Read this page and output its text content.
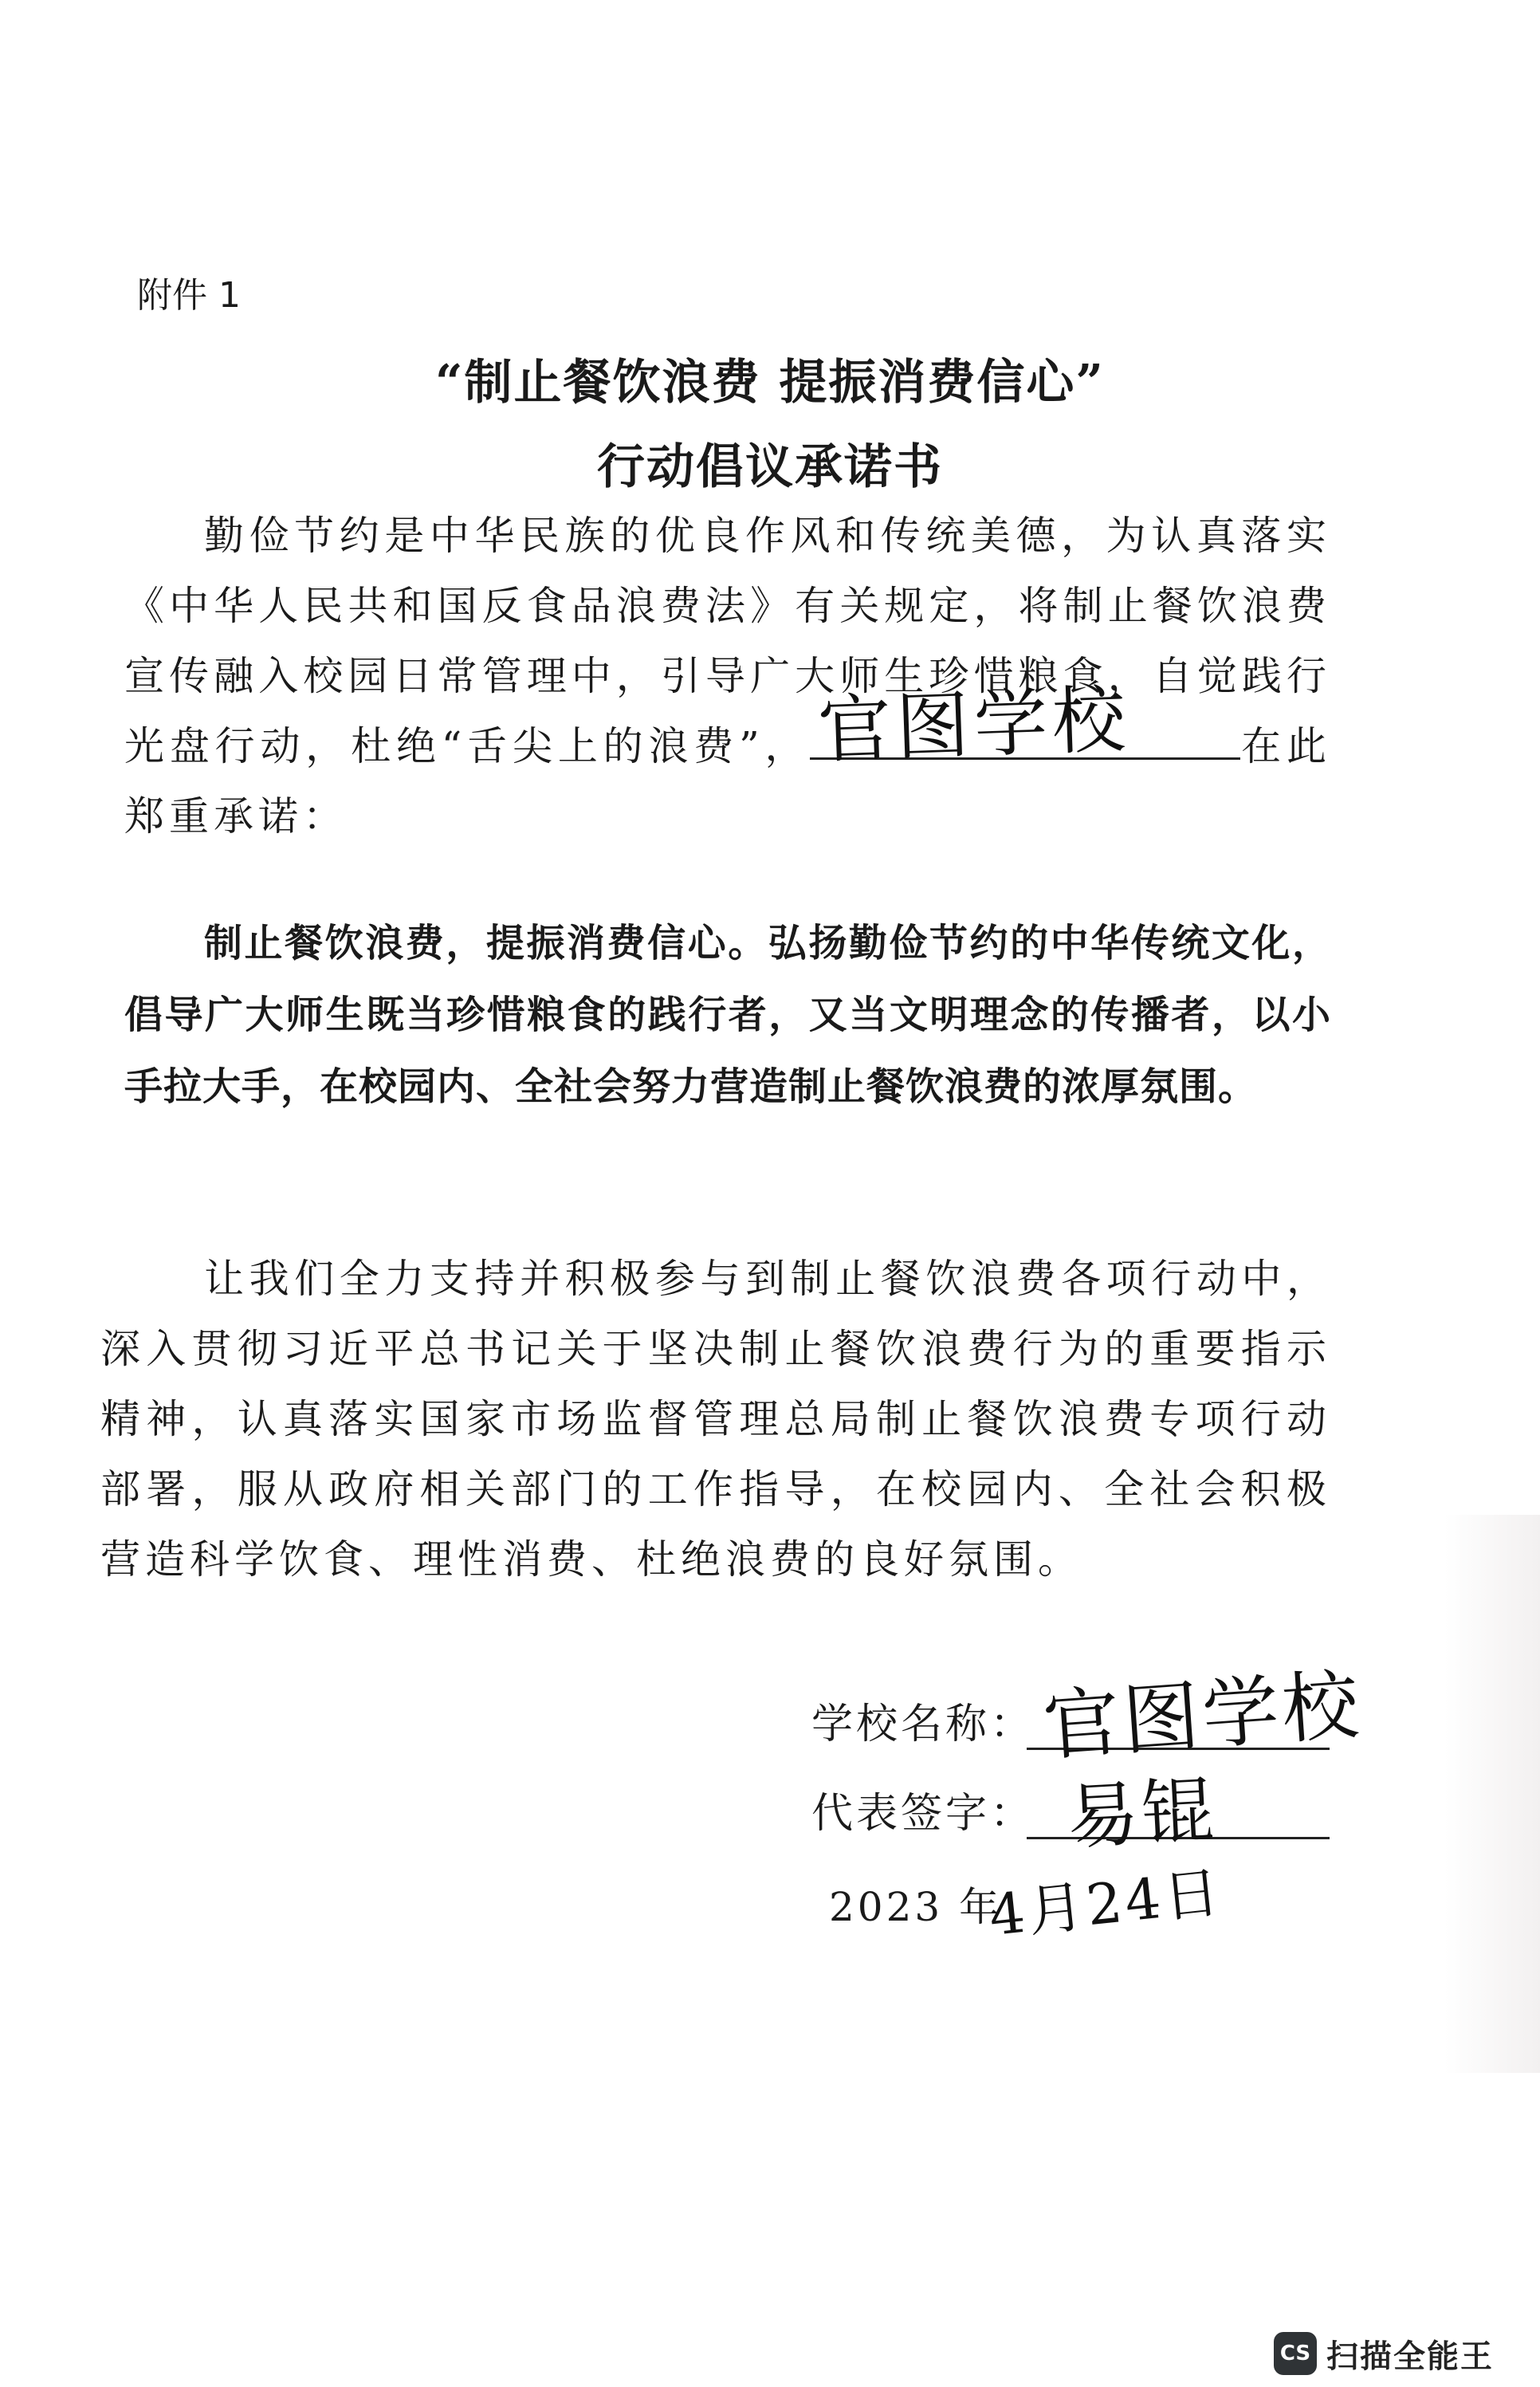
附件 1
“制止餐饮浪费 提振消费信心”
行动倡议承诺书

勤俭节约是中华民族的优良作风和传统美德，为认真落实《中华人民共和国反食品浪费法》有关规定，将制止餐饮浪费宣传融入校园日常管理中，引导广大师生珍惜粮食，自觉践行光盘行动，杜绝“舌尖上的浪费”， 官图学校	在此郑重承诺：

制止餐饮浪费，提振消费信心。弘扬勤俭节约的中华传统文化，倡导广大师生既当珍惜粮食的践行者，又当文明理念的传播者，以小手拉大手，在校园内、全社会努力营造制止餐饮浪费的浓厚氛围。

让我们全力支持并积极参与到制止餐饮浪费各项行动中，深入贯彻习近平总书记关于坚决制止餐饮浪费行为的重要指示精神，认真落实国家市场监督管理总局制止餐饮浪费专项行动部署，服从政府相关部门的工作指导，在校园内、全社会积极营造科学饮食、理性消费、杜绝浪费的良好氛围。

学校名称： 官图学校
代表签字： 易锟
2023 年
4月24日
CS 扫描全能王
